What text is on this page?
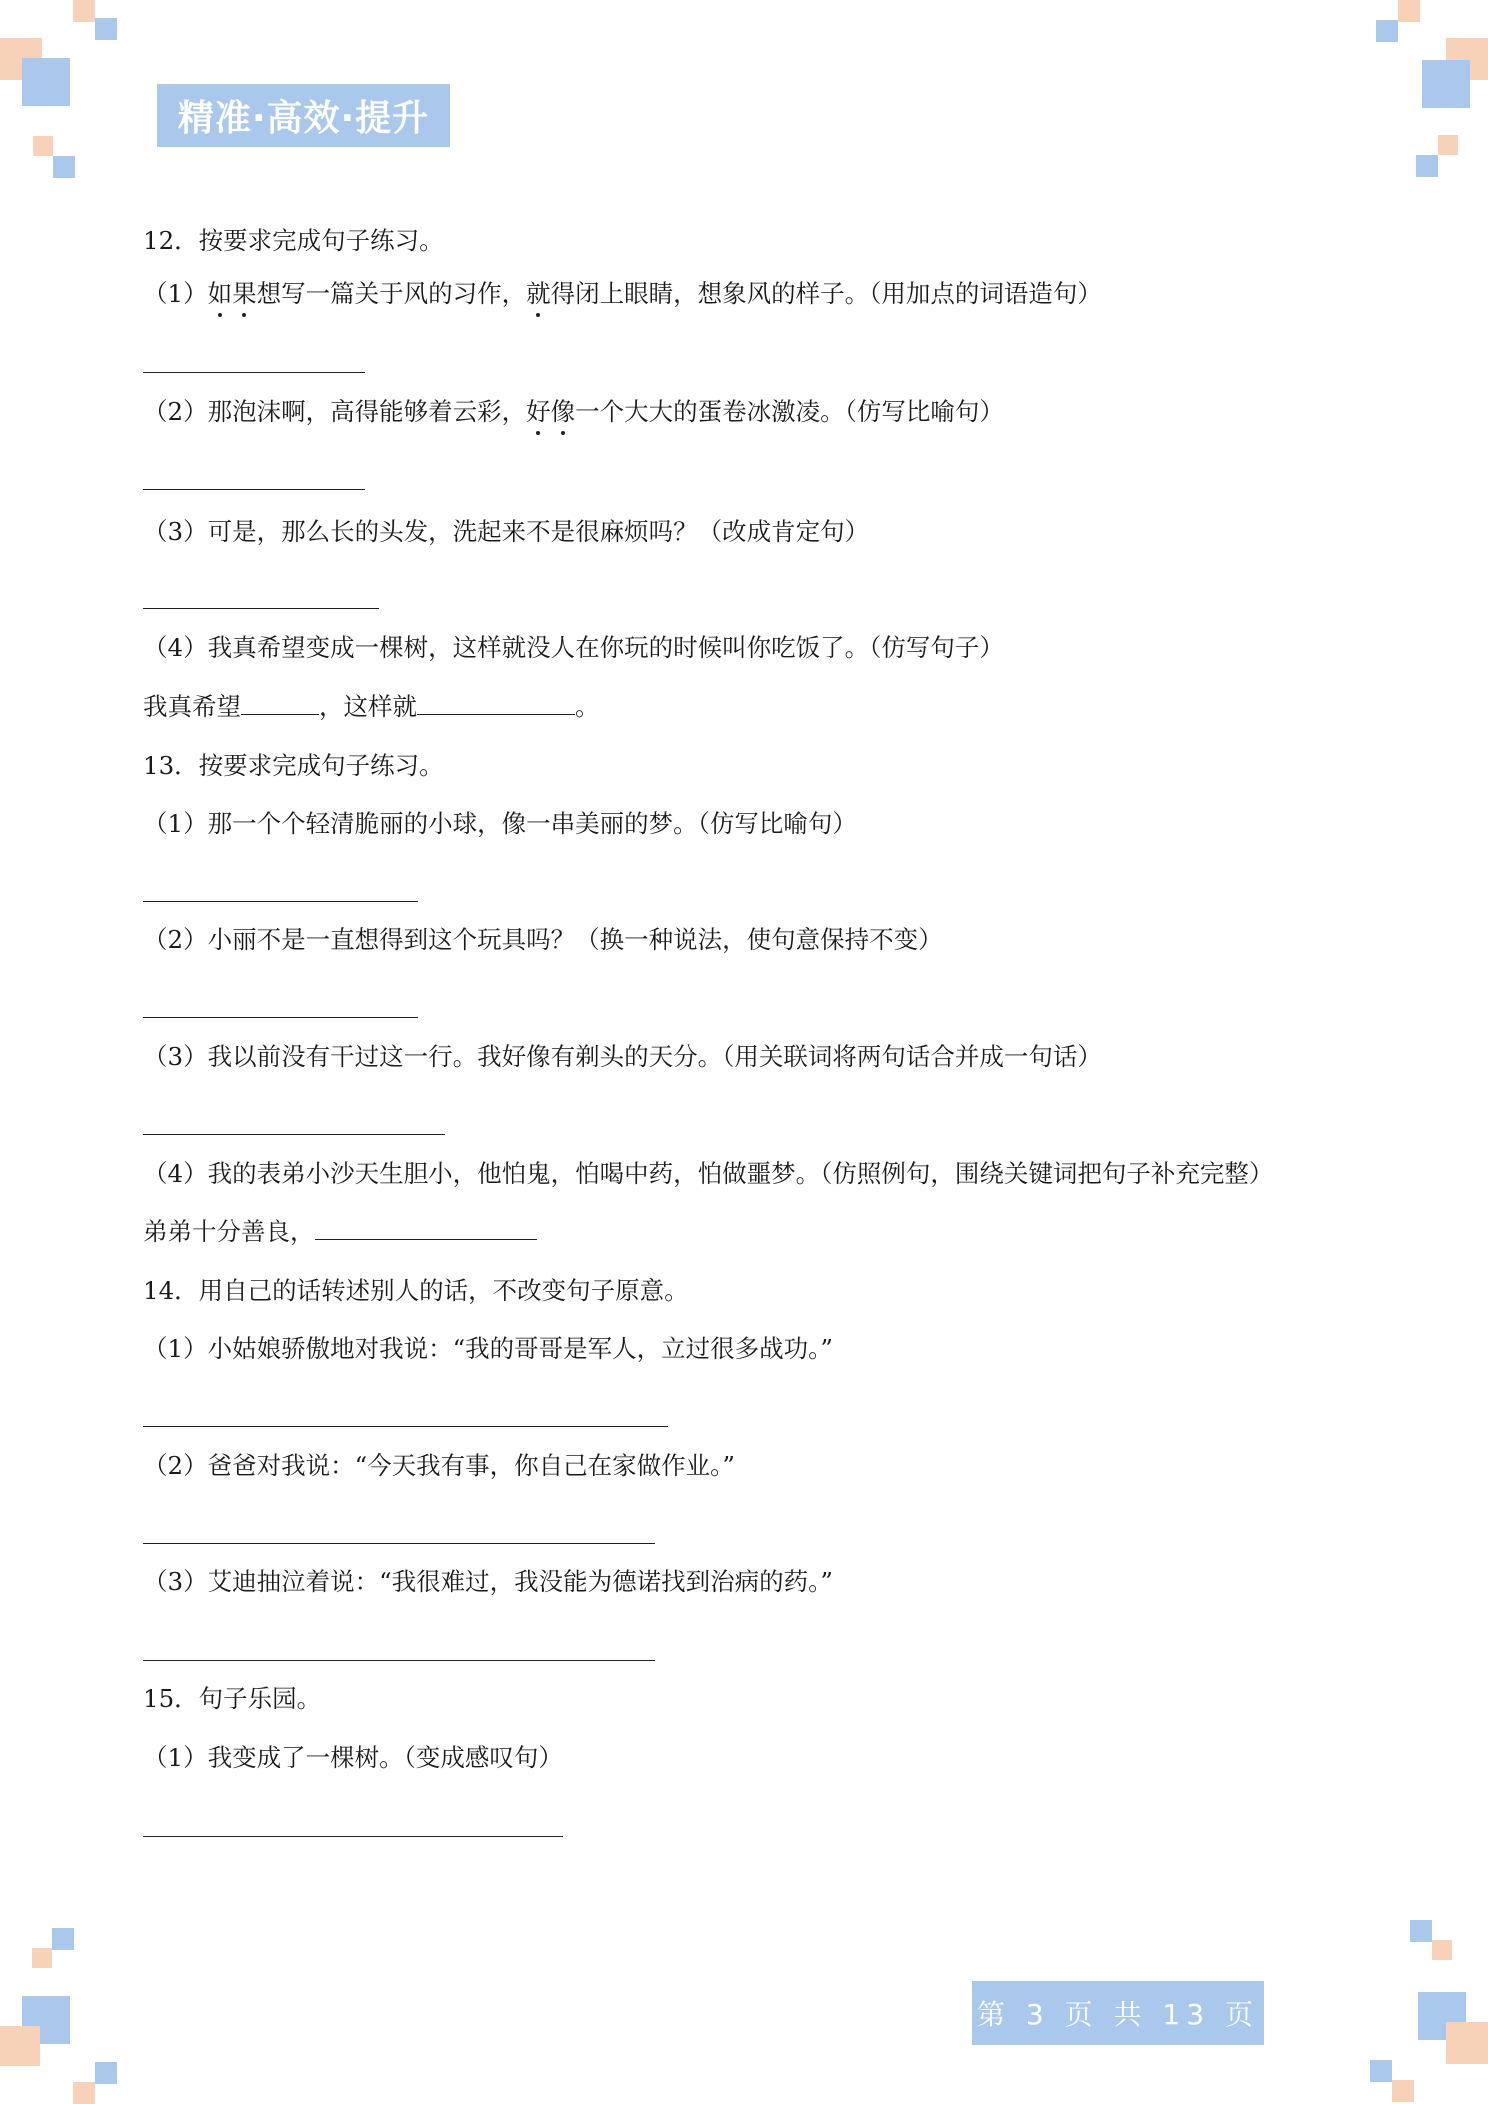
精准·高效·提升
12．按要求完成句子练习。
（1）如果想写一篇关于风的习作，就得闭上眼睛，想象风的样子。（用加点的词语造句）
（2）那泡沫啊，高得能够着云彩，好像一个大大的蛋卷冰激凌。（仿写比喻句）
（3）可是，那么长的头发，洗起来不是很麻烦吗？（改成肯定句）
（4）我真希望变成一棵树，这样就没人在你玩的时候叫你吃饭了。（仿写句子）
我真希望	，这样就	。
13．按要求完成句子练习。
（1）那一个个轻清脆丽的小球，像一串美丽的梦。（仿写比喻句）
（2）小丽不是一直想得到这个玩具吗？（换一种说法，使句意保持不变）
（3）我以前没有干过这一行。我好像有剃头的天分。（用关联词将两句话合并成一句话）
（4）我的表弟小沙天生胆小，他怕鬼，怕喝中药，怕做噩梦。（仿照例句，围绕关键词把句子补充完整）
弟弟十分善良，
14．用自己的话转述别人的话，不改变句子原意。
（1）小姑娘骄傲地对我说：“我的哥哥是军人，立过很多战功。”
（2）爸爸对我说：“今天我有事，你自己在家做作业。”
（3）艾迪抽泣着说：“我很难过，我没能为德诺找到治病的药。”
15．句子乐园。
（1）我变成了一棵树。（变成感叹句）
第 3 页 共 13 页
